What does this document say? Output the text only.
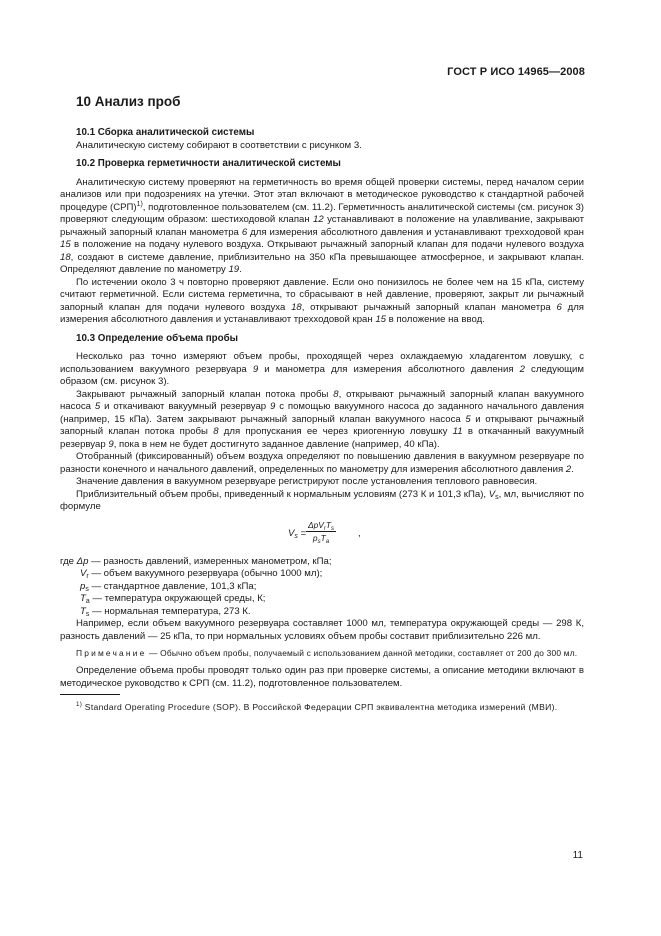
ГОСТ Р ИСО 14965—2008
10 Анализ проб
10.1 Сборка аналитической системы

Аналитическую систему собирают в соответствии с рисунком 3.

10.2 Проверка герметичности аналитической системы

Аналитическую систему проверяют на герметичность во время общей проверки системы, перед началом серии анализов или при подозрениях на утечки. Этот этап включают в методическое руководство к стандартной рабочей процедуре (СРП)$^{1)}$, подготовленное пользователем (см. 11.2). Герметичность аналитической системы (см. рисунок 3) проверяют следующим образом: шестиходовой клапан 12 устанавливают в положение на улавливание, закрывают рычажный запорный клапан манометра 6 для измерения абсолютного давления и устанавливают трехходовой кран 15 в положение на подачу нулевого воздуха. Открывают рычажный запорный клапан для подачи нулевого воздуха 18, создают в системе давление, приблизительно на 350 кПа превышающее атмосферное, и закрывают клапан. Определяют давление по манометру 19.

По истечении около 3 ч повторно проверяют давление. Если оно понизилось не более чем на 15 кПа, систему считают герметичной. Если система герметична, то сбрасывают в ней давление, проверяют, закрыт ли рычажный запорный клапан для подачи нулевого воздуха 18, открывают рычажный запорный клапан манометра 6 для измерения абсолютного давления и устанавливают трехходовой кран 15 в положение на ввод.

10.3 Определение объема пробы

Несколько раз точно измеряют объем пробы, проходящей через охлаждаемую хладагентом ловушку, с использованием вакуумного резервуара 9 и манометра для измерения абсолютного давления 2 следующим образом (см. рисунок 3).

Закрывают рычажный запорный клапан потока пробы 8, открывают рычажный запорный клапан вакуумного насоса 5 и откачивают вакуумный резервуар 9 с помощью вакуумного насоса до заданного начального давления (например, 15 кПа). Затем закрывают рычажный запорный клапан вакуумного насоса 5 и открывают рычажный запорный клапан потока пробы 8 для пропускания ее через криогенную ловушку 11 в откачанный вакуумный резервуар 9, пока в нем не будет достигнуто заданное давление (например, 40 кПа).

Отобранный (фиксированный) объем воздуха определяют по повышению давления в вакуумном резервуаре по разности конечного и начального давлений, определенных по манометру для измерения абсолютного давления 2.

Значение давления в вакуумном резервуаре регистрируют после установления теплового равновесия.

Приблизительный объем пробы, приведенный к нормальным условиям (273 К и 101,3 кПа), $V_s$, мл, вычисляют по формуле

$V_s$ =
$\Delta pV_rT_s$
$p_sT_a$
,
где Δp — разность давлений, измеренных манометром, кПа;
$V_r$ — объем вакуумного резервуара (обычно 1000 мл);
$p_s$ — стандартное давление, 101,3 кПа;
$T_a$ — температура окружающей среды, К;
$T_s$ — нормальная температура, 273 К.

Например, если объем вакуумного резервуара составляет 1000 мл, температура окружающей среды — 298 К, разность давлений — 25 кПа, то при нормальных условиях объем пробы составит приблизительно 226 мл.

Примечание — Обычно объем пробы, получаемый с использованием данной методики, составляет от 200 до 300 мл.

Определение объема пробы проводят только один раз при проверке системы, а описание методики включают в методическое руководство к СРП (см. 11.2), подготовленное пользователем.

$^{1)}$ Standard Operating Procedure (SOP). В Российской Федерации СРП эквивалентна методика измерений (МВИ).

11
